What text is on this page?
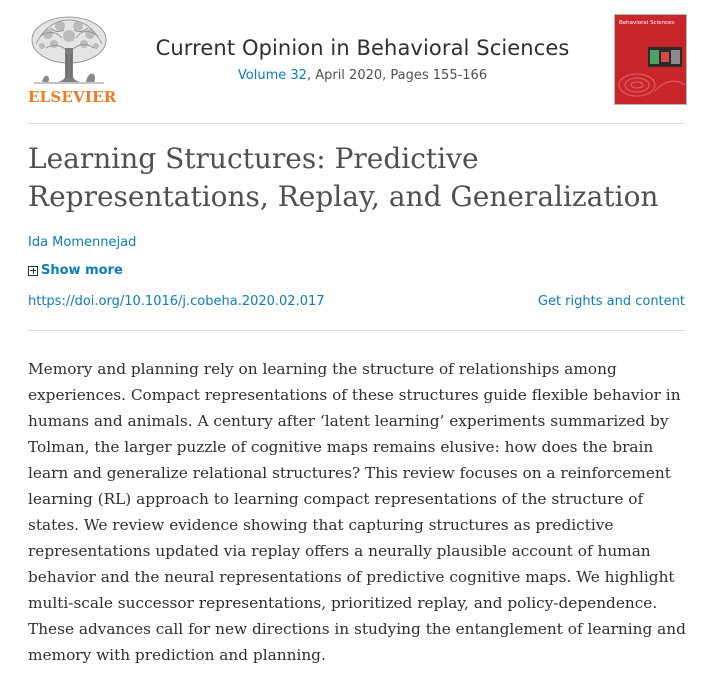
ELSEVIER
Current Opinion in Behavioral Sciences
Volume 32, April 2020, Pages 155-166
Behavioral Sciences
Learning Structures: Predictive Representations, Replay, and Generalization
Ida Momennejad
Show more
https://doi.org/10.1016/j.cobeha.2020.02.017	Get rights and content

Memory and planning rely on learning the structure of relationships among experiences. Compact representations of these structures guide flexible behavior in humans and animals. A century after ‘latent learning’ experiments summarized by Tolman, the larger puzzle of cognitive maps remains elusive: how does the brain learn and generalize relational structures? This review focuses on a reinforcement learning (RL) approach to learning compact representations of the structure of states. We review evidence showing that capturing structures as predictive representations updated via replay offers a neurally plausible account of human behavior and the neural representations of predictive cognitive maps. We highlight multi-scale successor representations, prioritized replay, and policy-dependence. These advances call for new directions in studying the entanglement of learning and memory with prediction and planning.
